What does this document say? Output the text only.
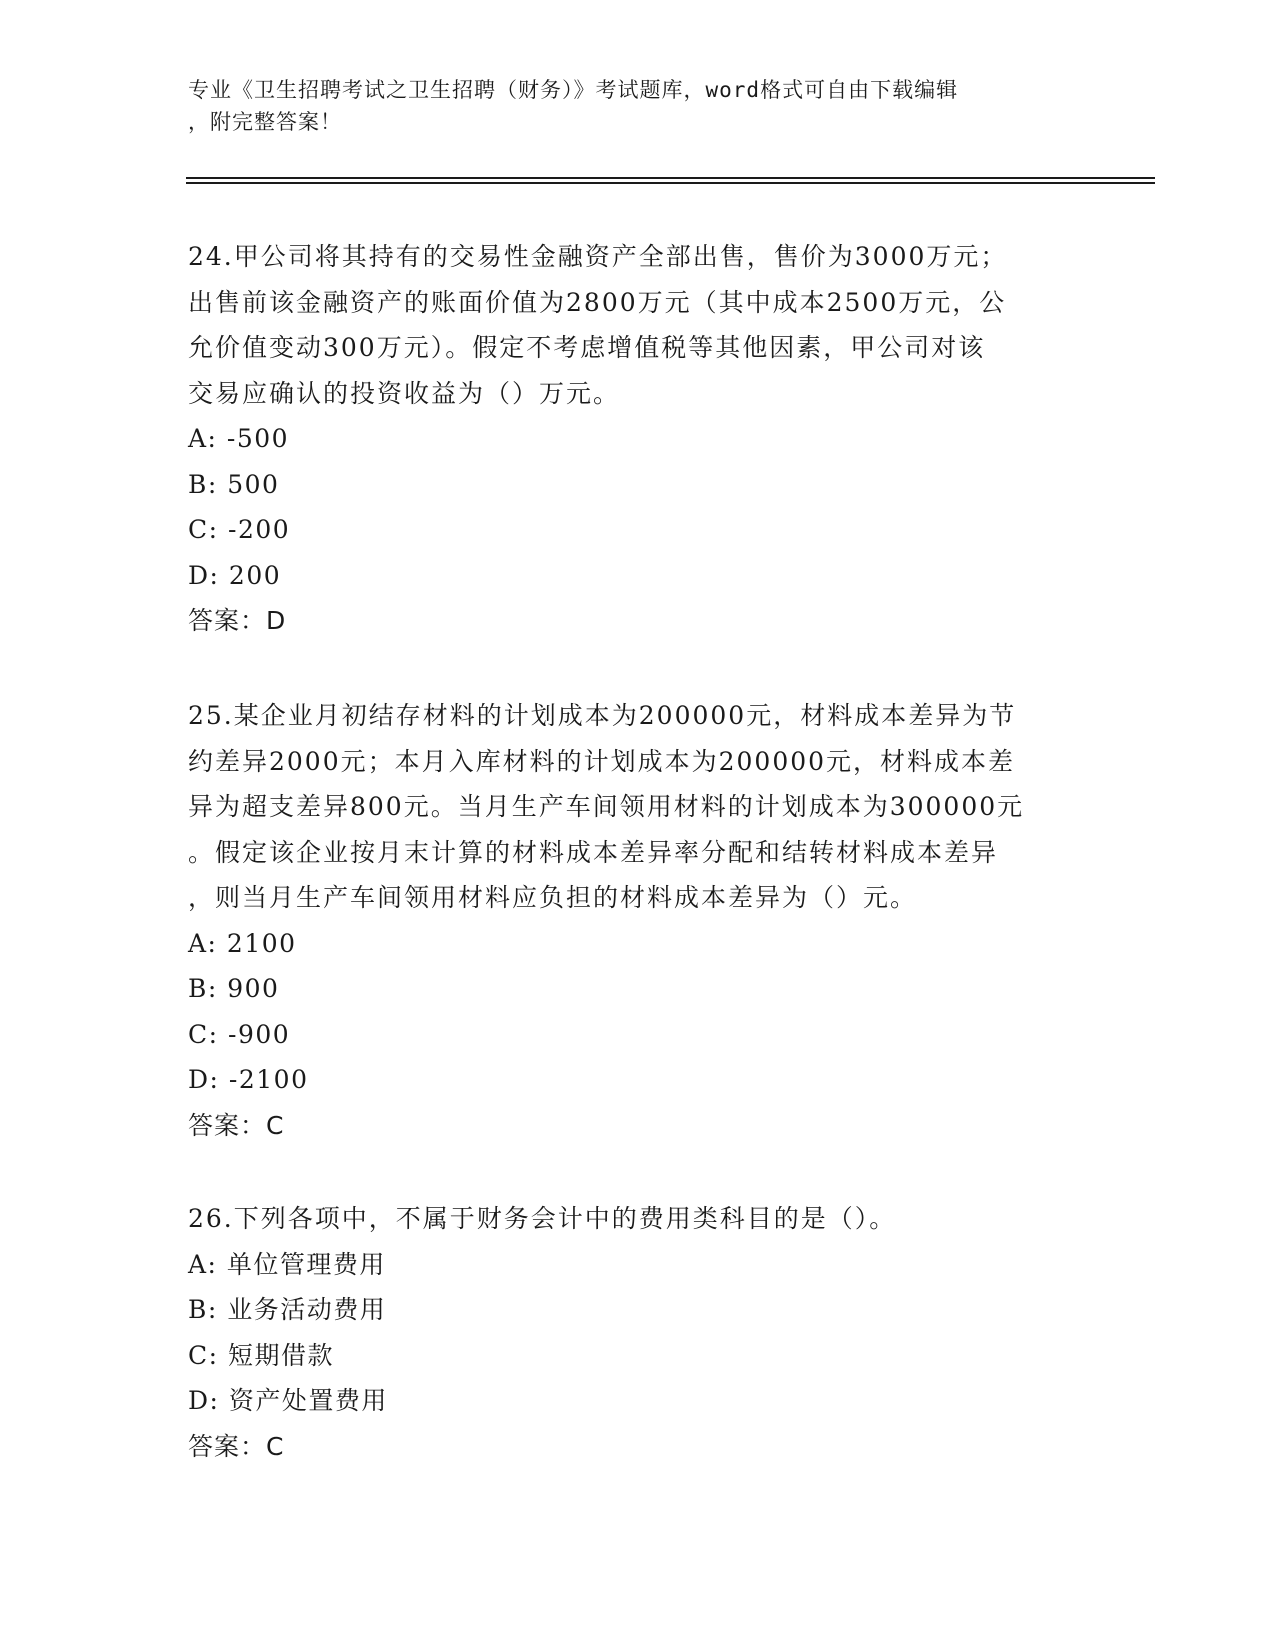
专业《卫生招聘考试之卫生招聘（财务）》考试题库，word格式可自由下载编辑

，附完整答案！

24.甲公司将其持有的交易性金融资产全部出售，售价为3000万元；

出售前该金融资产的账面价值为2800万元（其中成本2500万元，公

允价值变动300万元）。假定不考虑增值税等其他因素，甲公司对该

交易应确认的投资收益为（）万元。

A: -500

B: 500

C: -200

D: 200

答案：D

25.某企业月初结存材料的计划成本为200000元，材料成本差异为节

约差异2000元；本月入库材料的计划成本为200000元，材料成本差

异为超支差异800元。当月生产车间领用材料的计划成本为300000元

。假定该企业按月末计算的材料成本差异率分配和结转材料成本差异

，则当月生产车间领用材料应负担的材料成本差异为（）元。

A: 2100

B: 900

C: -900

D: -2100

答案：C

26.下列各项中，不属于财务会计中的费用类科目的是（）。

A: 单位管理费用

B: 业务活动费用

C: 短期借款

D: 资产处置费用

答案：C
